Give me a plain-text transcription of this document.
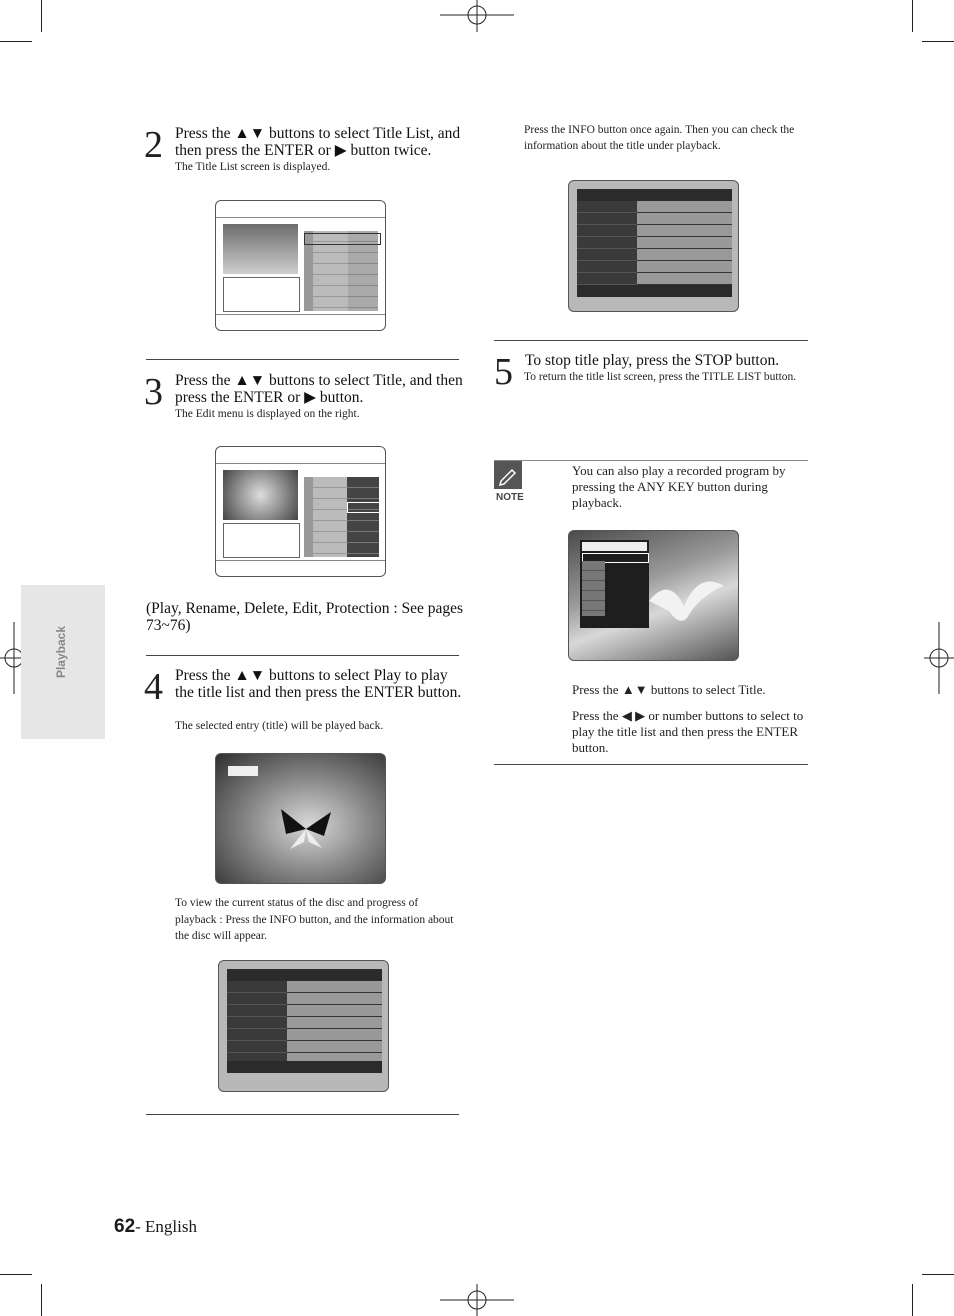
Playback
2 Press the ▲▼ buttons to select Title List, and then press the ENTER or ▶ button twice.
The Title List screen is displayed.
3 Press the ▲▼ buttons to select Title, and then press the ENTER or ▶ button.
The Edit menu is displayed on the right.
(Play, Rename, Delete, Edit, Protection : See pages 73~76)
4 Press the ▲▼ buttons to select Play to play the title list and then press the ENTER button.
The selected entry (title) will be played back.
To view the current status of the disc and progress of playback : Press the INFO button, and the information about the disc will appear.
Press the INFO button once again. Then you can check the information about the title under playback.
5 To stop title play, press the STOP button.
To return the title list screen, press the TITLE LIST button.
NOTE
You can also play a recorded program by pressing the ANY KEY button during playback.
Press the ▲▼ buttons to select Title.
Press the ◀ ▶ or number buttons to select to play the title list and then press the ENTER button.
62- English
